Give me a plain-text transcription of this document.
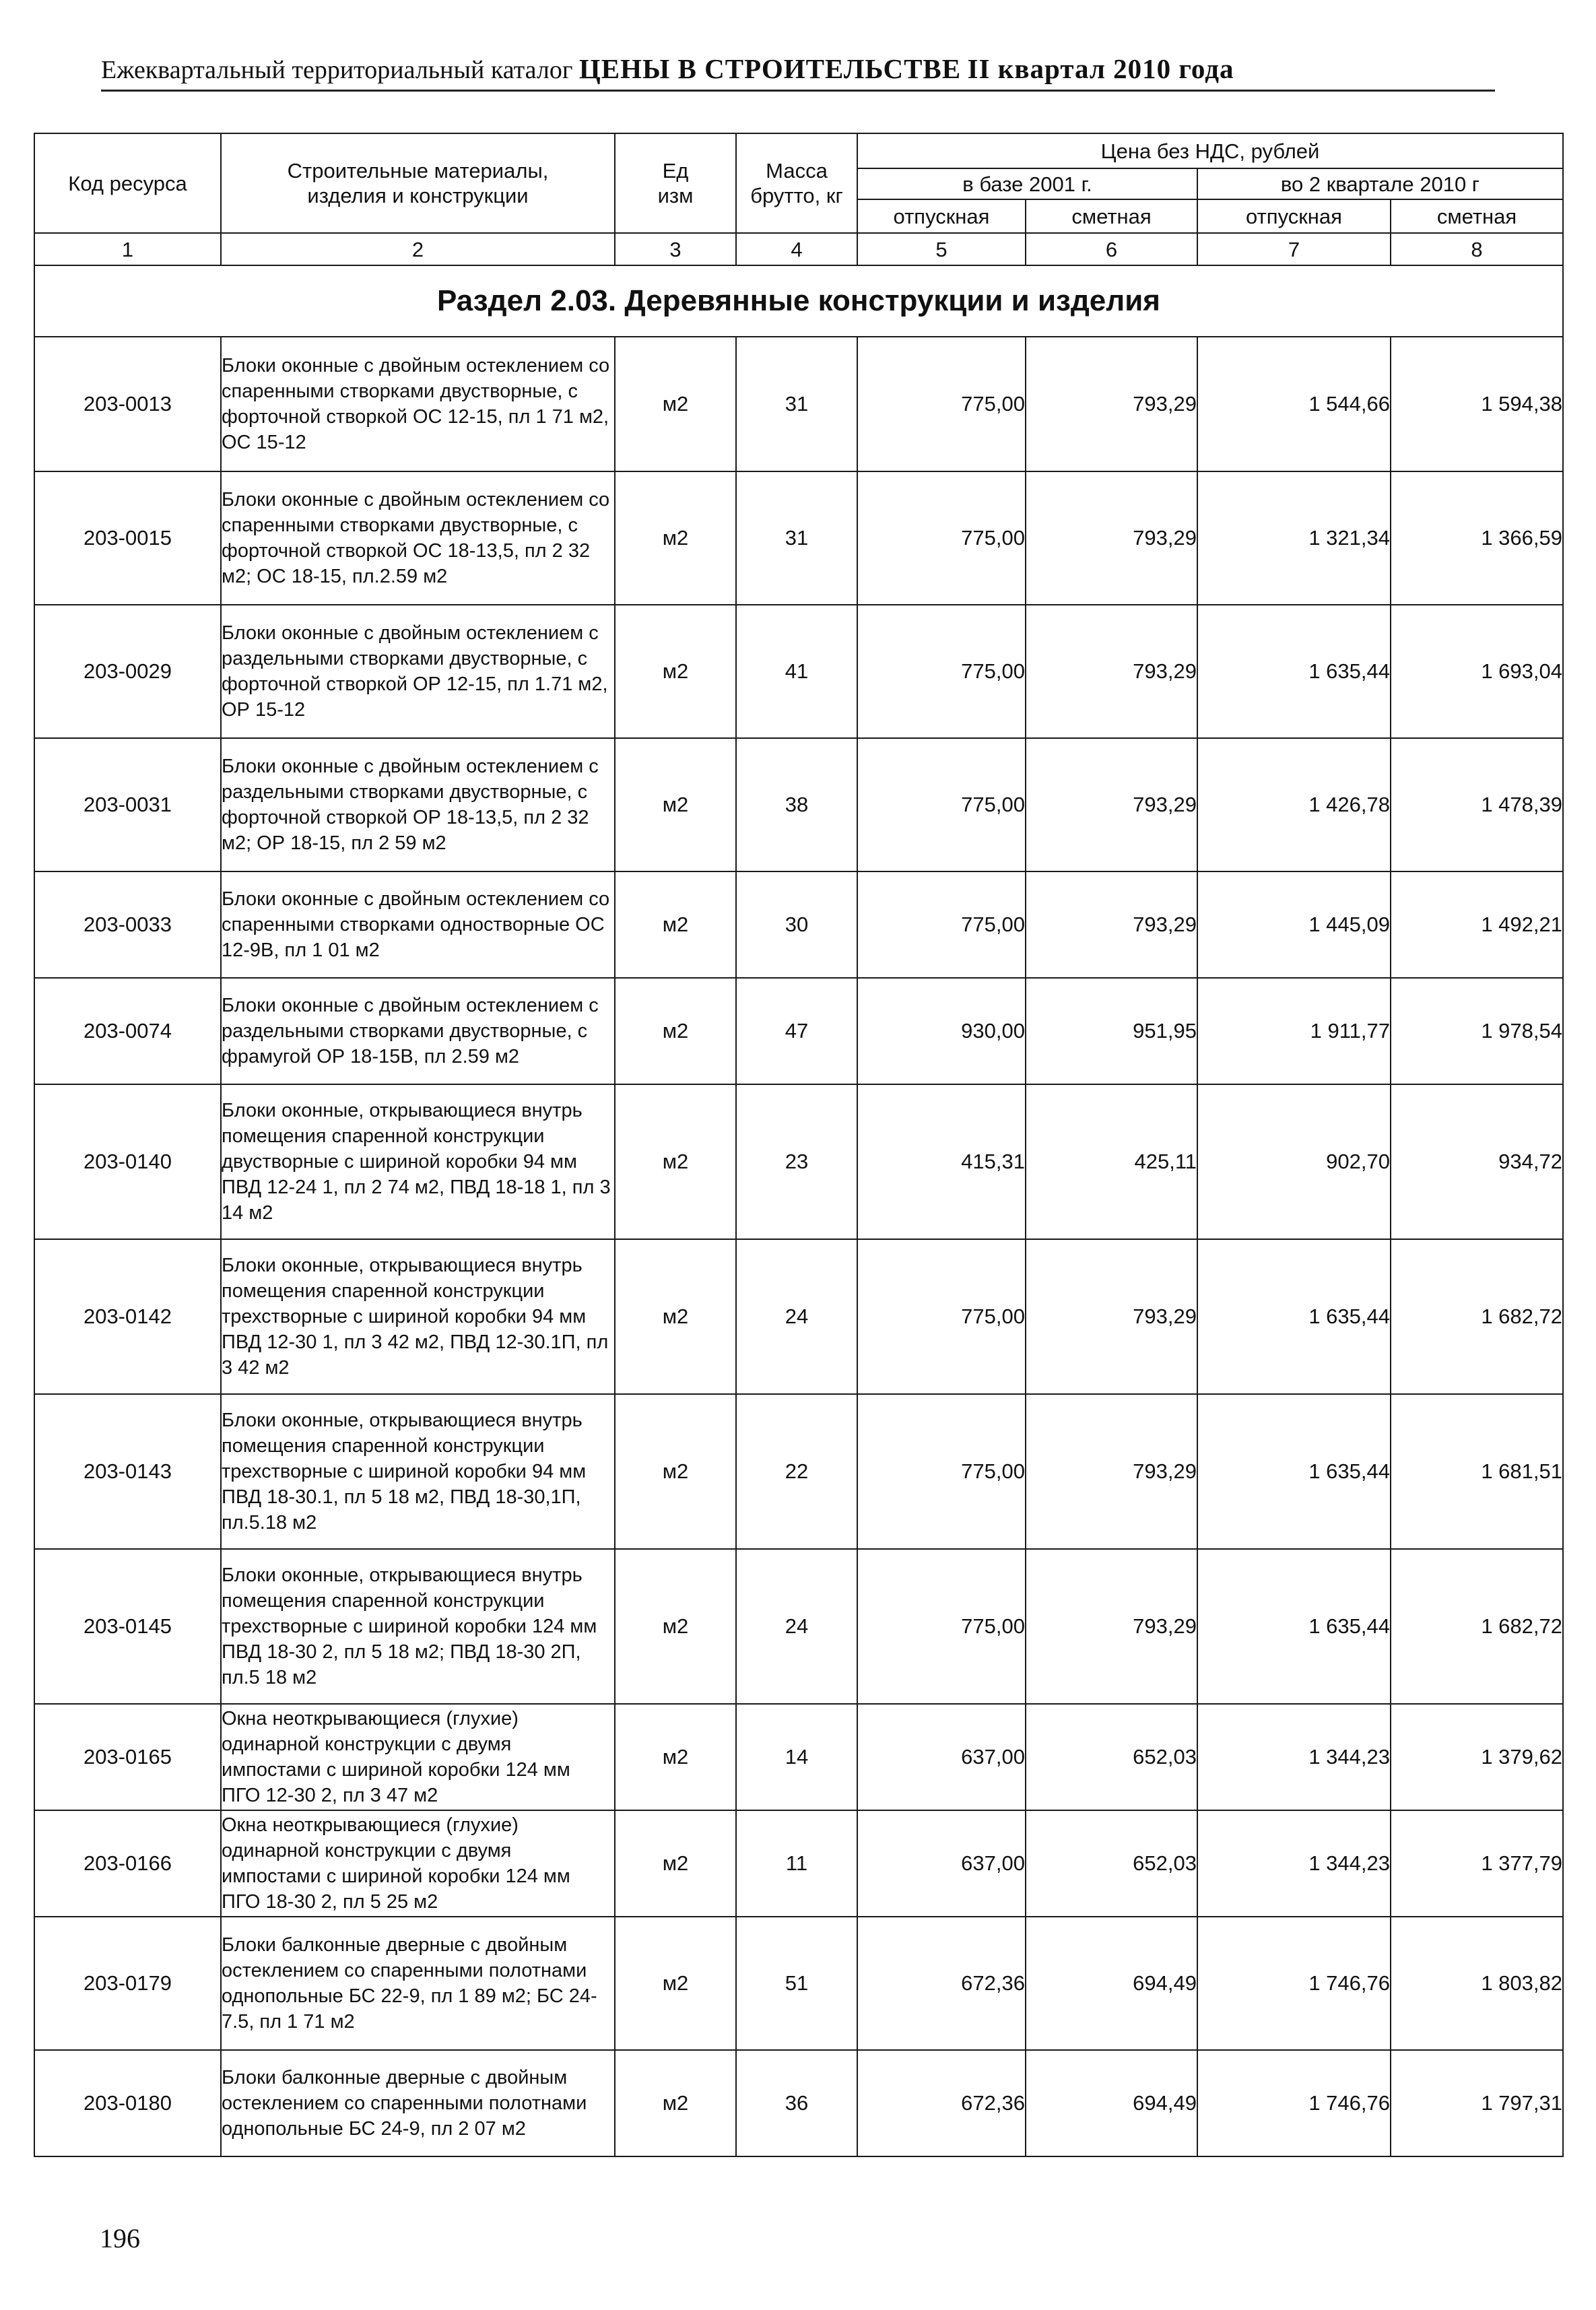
Ежеквартальный территориальный каталог ЦЕНЫ В СТРОИТЕЛЬСТВЕ II квартал 2010 года
Код ресурса	Строительные материалы, изделия и конструкции	Ед изм	Масса брутто, кг	Цена без НДС, рублей			
				в базе 2001 г.		во 2 квартале 2010 г	
				отпускная	сметная	отпускная	сметная
1	2	3	4	5	6	7	8
Раздел 2.03. Деревянные конструкции и изделия							
203-0013	Блоки оконные с двойным остеклением со спаренными створками двустворные, с форточной створкой ОС 12-15, пл 1 71 м2, ОС 15-12	м2	31	775,00	793,29	1 544,66	1 594,38
203-0015	Блоки оконные с двойным остеклением со спаренными створками двустворные, с форточной створкой ОС 18-13,5, пл 2 32 м2; ОС 18-15, пл.2.59 м2	м2	31	775,00	793,29	1 321,34	1 366,59
203-0029	Блоки оконные с двойным остеклением с раздельными створками двустворные, с форточной створкой ОР 12-15, пл 1.71 м2, ОР 15-12	м2	41	775,00	793,29	1 635,44	1 693,04
203-0031	Блоки оконные с двойным остеклением с раздельными створками двустворные, с форточной створкой ОР 18-13,5, пл 2 32 м2; ОР 18-15, пл 2 59 м2	м2	38	775,00	793,29	1 426,78	1 478,39
203-0033	Блоки оконные с двойным остеклением со спаренными створками одностворные ОС 12-9В, пл 1 01 м2	м2	30	775,00	793,29	1 445,09	1 492,21
203-0074	Блоки оконные с двойным остеклением с раздельными створками двустворные, с фрамугой ОР 18-15В, пл 2.59 м2	м2	47	930,00	951,95	1 911,77	1 978,54
203-0140	Блоки оконные, открывающиеся внутрь помещения спаренной конструкции двустворные с шириной коробки 94 мм ПВД 12-24 1, пл 2 74 м2, ПВД 18-18 1, пл 3 14 м2	м2	23	415,31	425,11	902,70	934,72
203-0142	Блоки оконные, открывающиеся внутрь помещения спаренной конструкции трехстворные с шириной коробки 94 мм ПВД 12-30 1, пл 3 42 м2, ПВД 12-30.1П, пл 3 42 м2	м2	24	775,00	793,29	1 635,44	1 682,72
203-0143	Блоки оконные, открывающиеся внутрь помещения спаренной конструкции трехстворные с шириной коробки 94 мм ПВД 18-30.1, пл 5 18 м2, ПВД 18-30,1П, пл.5.18 м2	м2	22	775,00	793,29	1 635,44	1 681,51
203-0145	Блоки оконные, открывающиеся внутрь помещения спаренной конструкции трехстворные с шириной коробки 124 мм ПВД 18-30 2, пл 5 18 м2; ПВД 18-30 2П, пл.5 18 м2	м2	24	775,00	793,29	1 635,44	1 682,72
203-0165	Окна неоткрывающиеся (глухие) одинарной конструкции с двумя импостами с шириной коробки 124 мм ПГО 12-30 2, пл 3 47 м2	м2	14	637,00	652,03	1 344,23	1 379,62
203-0166	Окна неоткрывающиеся (глухие) одинарной конструкции с двумя импостами с шириной коробки 124 мм ПГО 18-30 2, пл 5 25 м2	м2	11	637,00	652,03	1 344,23	1 377,79
203-0179	Блоки балконные дверные с двойным остеклением со спаренными полотнами однопольные БС 22-9, пл 1 89 м2; БС 24-7.5, пл 1 71 м2	м2	51	672,36	694,49	1 746,76	1 803,82
203-0180	Блоки балконные дверные с двойным остеклением со спаренными полотнами однопольные БС 24-9, пл 2 07 м2	м2	36	672,36	694,49	1 746,76	1 797,31
196
